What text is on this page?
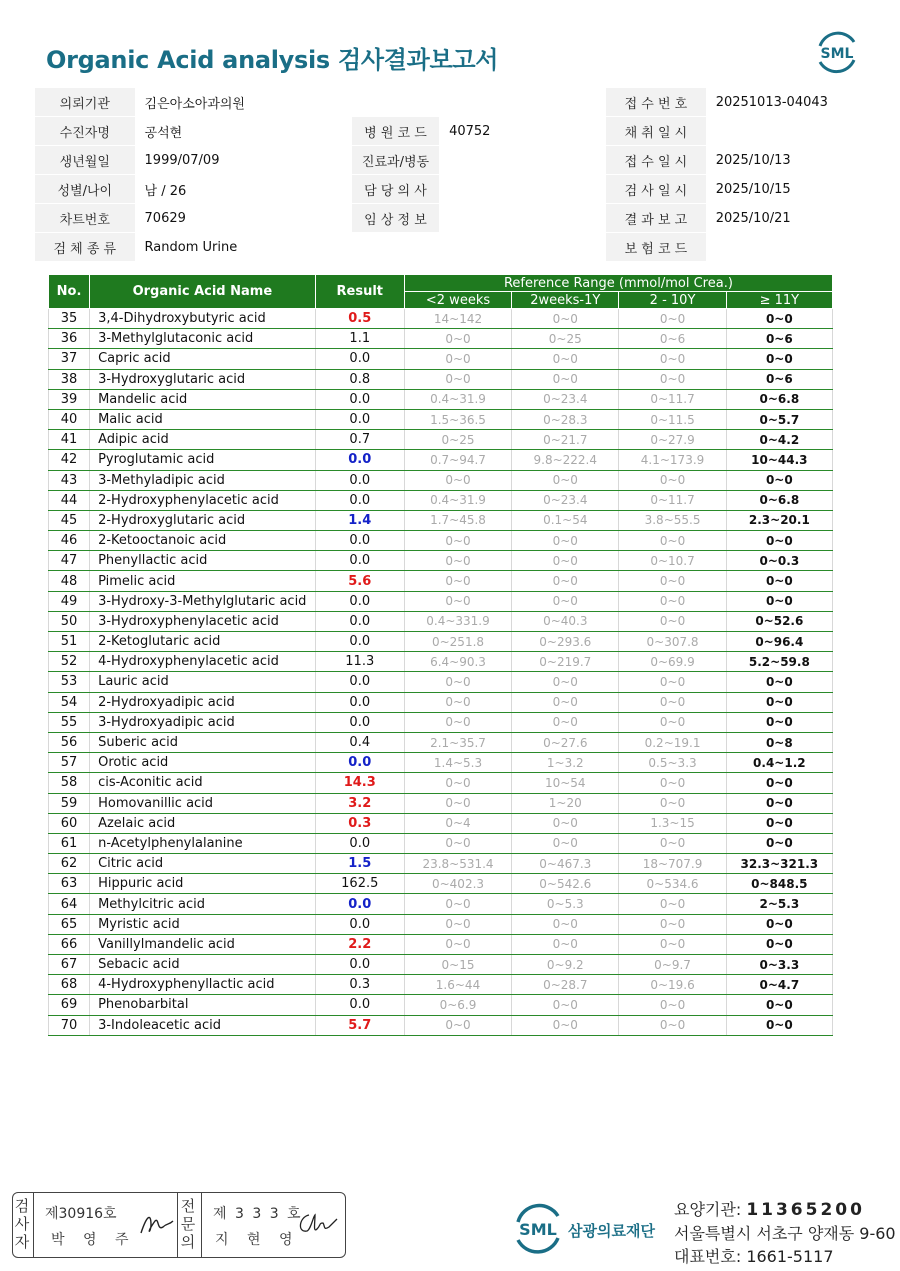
Organic Acid analysis 검사결과보고서	SML
의뢰기관	김은아소아과의원			접 수 번 호	20251013-04043
수진자명	공석현	병 원 코 드	40752	채 취 일 시	
생년월일	1999/07/09	진료과/병동		접 수 일 시	2025/10/13
성별/나이	남 / 26	담 당 의 사		검 사 일 시	2025/10/15
차트번호	70629	임 상 정 보		결 과 보 고	2025/10/21
검 체 종 류	Random Urine			보 험 코 드	
No.	Organic Acid Name	Result	Reference Range (mmol/mol Crea.)			
			<2 weeks	2weeks-1Y	2 - 10Y	≥ 11Y
35	3,4-Dihydroxybutyric acid	0.5	14~142	0~0	0~0	0~0
36	3-Methylglutaconic acid	1.1	0~0	0~25	0~6	0~6
37	Capric acid	0.0	0~0	0~0	0~0	0~0
38	3-Hydroxyglutaric acid	0.8	0~0	0~0	0~0	0~6
39	Mandelic acid	0.0	0.4~31.9	0~23.4	0~11.7	0~6.8
40	Malic acid	0.0	1.5~36.5	0~28.3	0~11.5	0~5.7
41	Adipic acid	0.7	0~25	0~21.7	0~27.9	0~4.2
42	Pyroglutamic acid	0.0	0.7~94.7	9.8~222.4	4.1~173.9	10~44.3
43	3-Methyladipic acid	0.0	0~0	0~0	0~0	0~0
44	2-Hydroxyphenylacetic acid	0.0	0.4~31.9	0~23.4	0~11.7	0~6.8
45	2-Hydroxyglutaric acid	1.4	1.7~45.8	0.1~54	3.8~55.5	2.3~20.1
46	2-Ketooctanoic acid	0.0	0~0	0~0	0~0	0~0
47	Phenyllactic acid	0.0	0~0	0~0	0~10.7	0~0.3
48	Pimelic acid	5.6	0~0	0~0	0~0	0~0
49	3-Hydroxy-3-Methylglutaric acid	0.0	0~0	0~0	0~0	0~0
50	3-Hydroxyphenylacetic acid	0.0	0.4~331.9	0~40.3	0~0	0~52.6
51	2-Ketoglutaric acid	0.0	0~251.8	0~293.6	0~307.8	0~96.4
52	4-Hydroxyphenylacetic acid	11.3	6.4~90.3	0~219.7	0~69.9	5.2~59.8
53	Lauric acid	0.0	0~0	0~0	0~0	0~0
54	2-Hydroxyadipic acid	0.0	0~0	0~0	0~0	0~0
55	3-Hydroxyadipic acid	0.0	0~0	0~0	0~0	0~0
56	Suberic acid	0.4	2.1~35.7	0~27.6	0.2~19.1	0~8
57	Orotic acid	0.0	1.4~5.3	1~3.2	0.5~3.3	0.4~1.2
58	cis-Aconitic acid	14.3	0~0	10~54	0~0	0~0
59	Homovanillic acid	3.2	0~0	1~20	0~0	0~0
60	Azelaic acid	0.3	0~4	0~0	1.3~15	0~0
61	n-Acetylphenylalanine	0.0	0~0	0~0	0~0	0~0
62	Citric acid	1.5	23.8~531.4	0~467.3	18~707.9	32.3~321.3
63	Hippuric acid	162.5	0~402.3	0~542.6	0~534.6	0~848.5
64	Methylcitric acid	0.0	0~0	0~5.3	0~0	2~5.3
65	Myristic acid	0.0	0~0	0~0	0~0	0~0
66	Vanillylmandelic acid	2.2	0~0	0~0	0~0	0~0
67	Sebacic acid	0.0	0~15	0~9.2	0~9.7	0~3.3
68	4-Hydroxyphenyllactic acid	0.3	1.6~44	0~28.7	0~19.6	0~4.7
69	Phenobarbital	0.0	0~6.9	0~0	0~0	0~0
70	3-Indoleacetic acid	5.7	0~0	0~0	0~0	0~0
검
사
자
제30916호
박 영 주
전
문
의
제 3 3 3 호
지 현 영
SML 삼광의료재단
요양기관: 11365200
서울특별시 서초구 양재동 9-60
대표번호: 1661-5117
